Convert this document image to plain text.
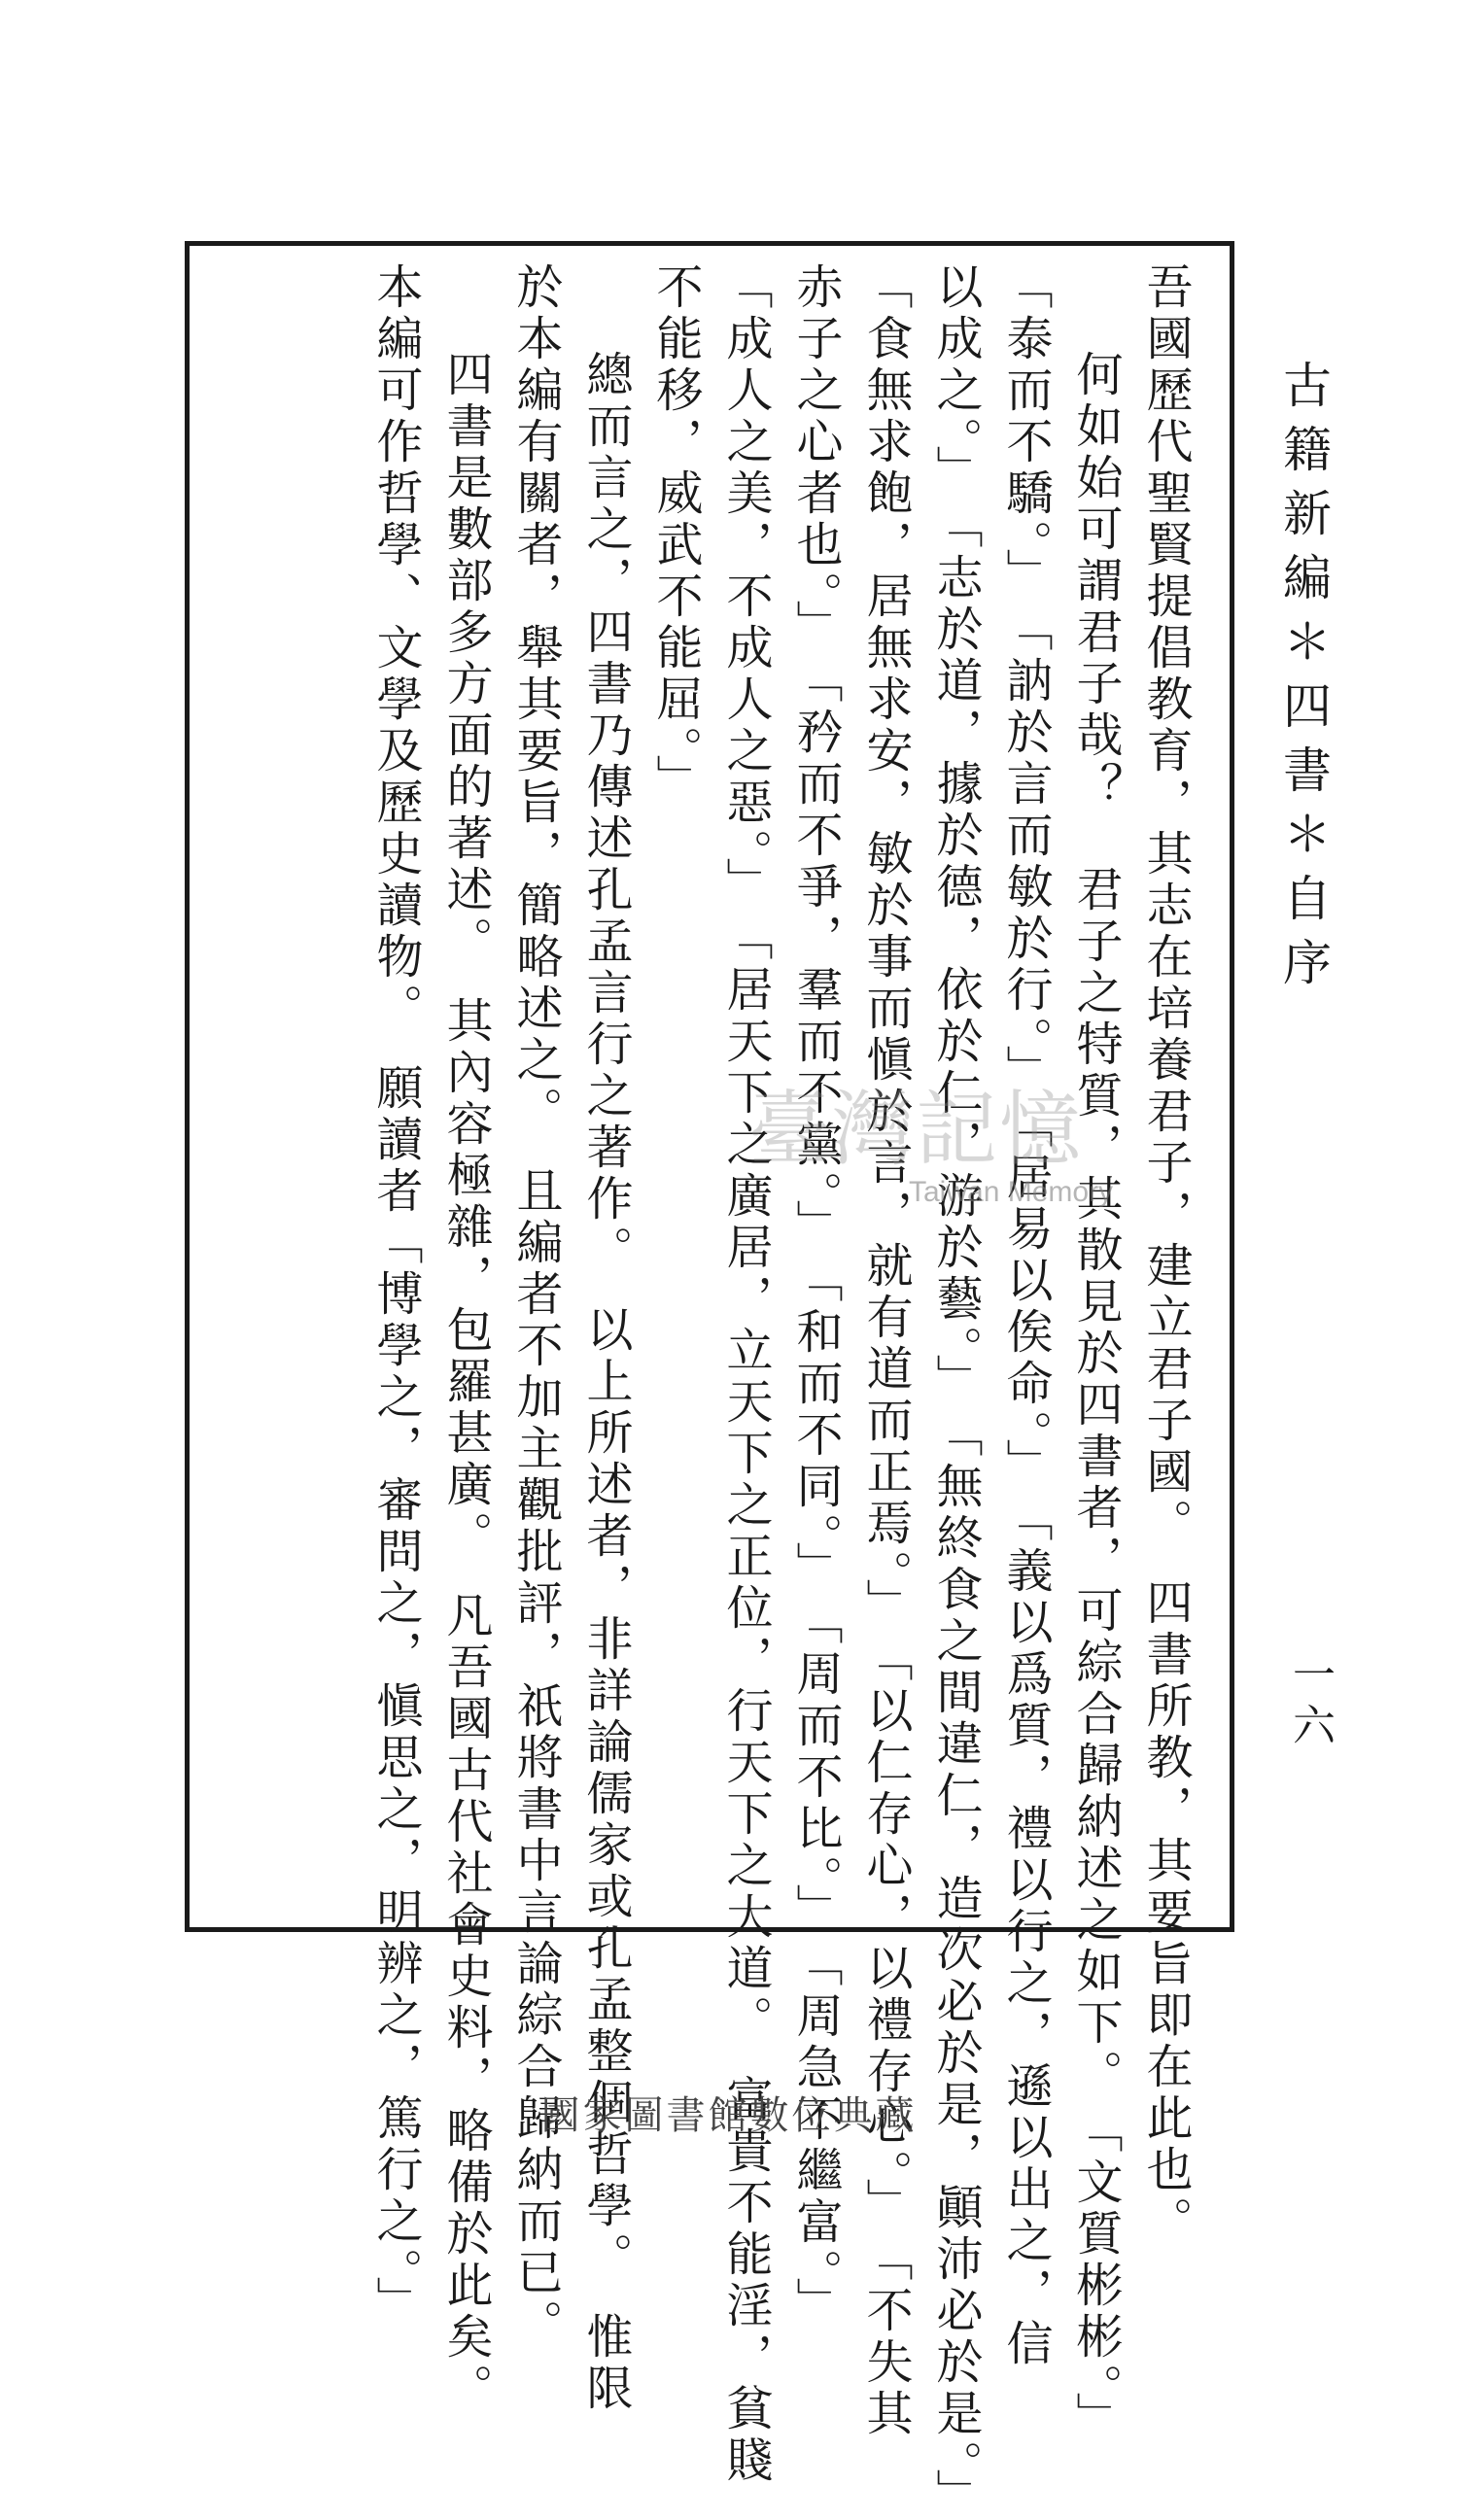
古籍新編＊四書＊自序
吾國歷代聖賢提倡教育，其志在培養君子，建立君子國。　四書所教，其要旨即在此也。
何如始可謂君子哉？　君子之特質，其散見於四書者，可綜合歸納述之如下。　「文質彬彬。」
「泰而不驕。」　「訥於言而敏於行。」　「居易以俟命。」　「義以爲質，禮以行之，遜以出之，信
以成之。」　「志於道，據於德，依於仁，游於藝。」　「無終食之間違仁，造次必於是，顚沛必於是。」
「食無求飽，居無求安，敏於事而愼於言，就有道而正焉。」　「以仁存心，以禮存心。」　「不失其
赤子之心者也。」　「矜而不爭，羣而不黨。」　「和而不同。」　「周而不比。」　「周急不繼富。」
「成人之美，不成人之惡。」　「居天下之廣居，立天下之正位，行天下之大道。　富貴不能淫，貧賤
不能移，威武不能屈。」
總而言之，四書乃傳述孔孟言行之著作。　以上所述者，非詳論儒家或孔孟整個哲學。　惟限
於本編有關者，舉其要旨，簡略述之。　且編者不加主觀批評，祇將書中言論綜合歸納而已。
四書是數部多方面的著述。　其內容極雜，包羅甚廣。　凡吾國古代社會史料，略備於此矣。
本編可作哲學、文學及歷史讀物。　願讀者「博學之，審問之，愼思之，明辨之，篤行之。」	一六
臺灣記憶
Taiwan Memory
國家圖書館數位典藏
